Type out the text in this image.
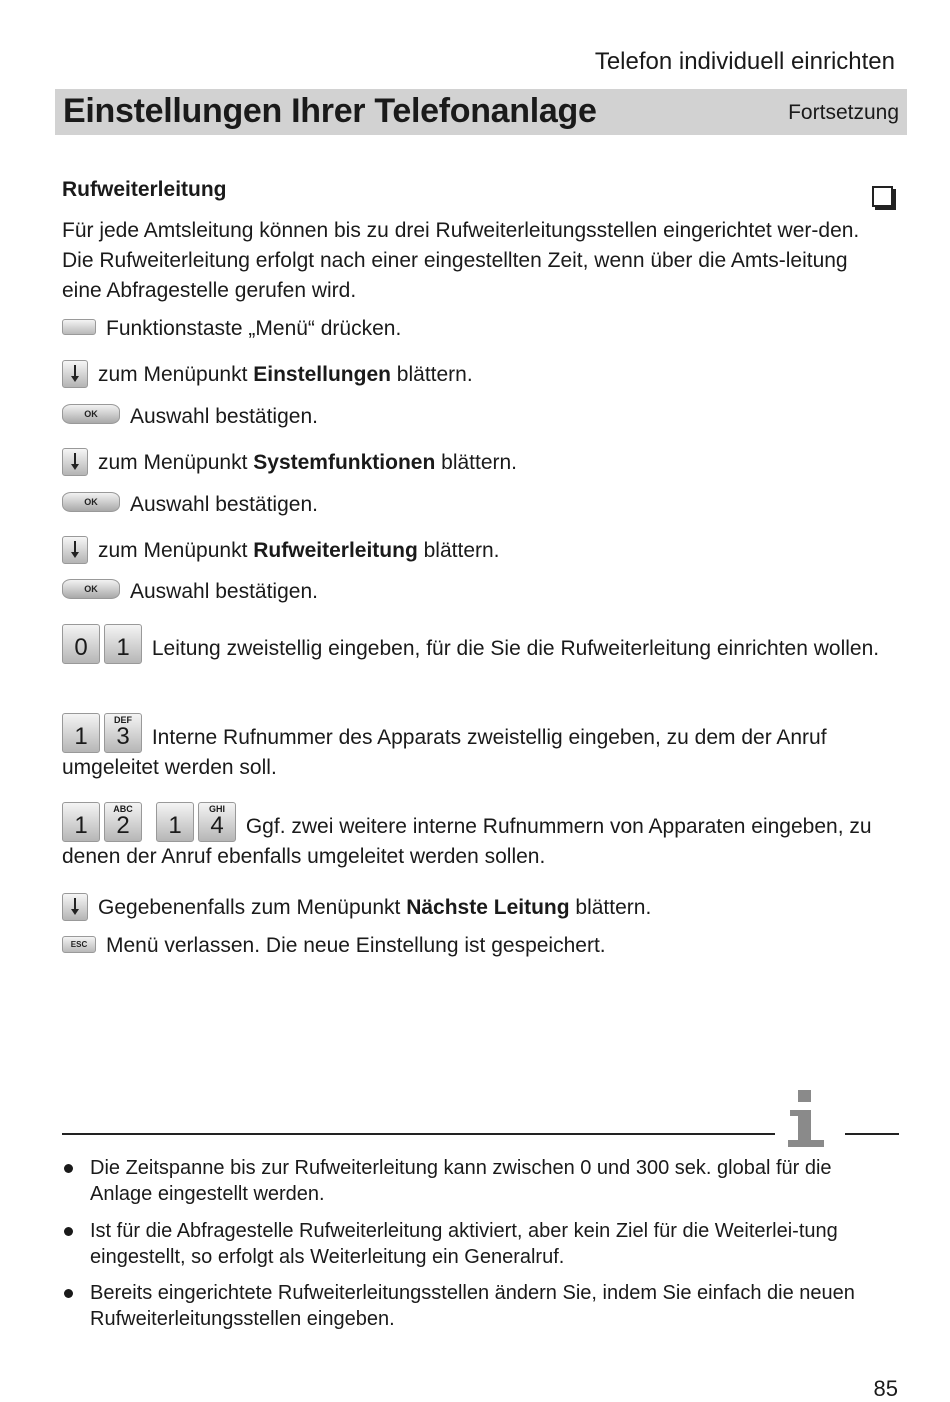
Telefon individuell einrichten
Einstellungen Ihrer Telefonanlage	Fortsetzung
Rufweiterleitung
Für jede Amtsleitung können bis zu drei Rufweiterleitungsstellen eingerichtet wer-den. Die Rufweiterleitung erfolgt nach einer eingestellten Zeit, wenn über die Amts-leitung eine Abfragestelle gerufen wird.
Funktionstaste „Menü“ drücken.
zum Menüpunkt Einstellungen blättern.
OK Auswahl bestätigen.
zum Menüpunkt Systemfunktionen blättern.
OK Auswahl bestätigen.
zum Menüpunkt Rufweiterleitung blättern.
OK Auswahl bestätigen.
0	1	Leitung zweistellig eingeben, für die Sie die Rufweiterleitung einrichten wollen.
1
DEF
3	Interne Rufnummer des Apparats zweistellig eingeben, zu dem der Anruf umgeleitet werden soll.
1
ABC
2	1
GHI
4	Ggf. zwei weitere interne Rufnummern von Apparaten eingeben, zu denen der Anruf ebenfalls umgeleitet werden sollen.
Gegebenenfalls zum Menüpunkt Nächste Leitung blättern.
ESC Menü verlassen. Die neue Einstellung ist gespeichert.
Die Zeitspanne bis zur Rufweiterleitung kann zwischen 0 und 300 sek. global für die Anlage eingestellt werden.
Ist für die Abfragestelle Rufweiterleitung aktiviert, aber kein Ziel für die Weiterlei-tung eingestellt, so erfolgt als Weiterleitung ein Generalruf.
Bereits eingerichtete Rufweiterleitungsstellen ändern Sie, indem Sie einfach die neuen Rufweiterleitungsstellen eingeben.
85
